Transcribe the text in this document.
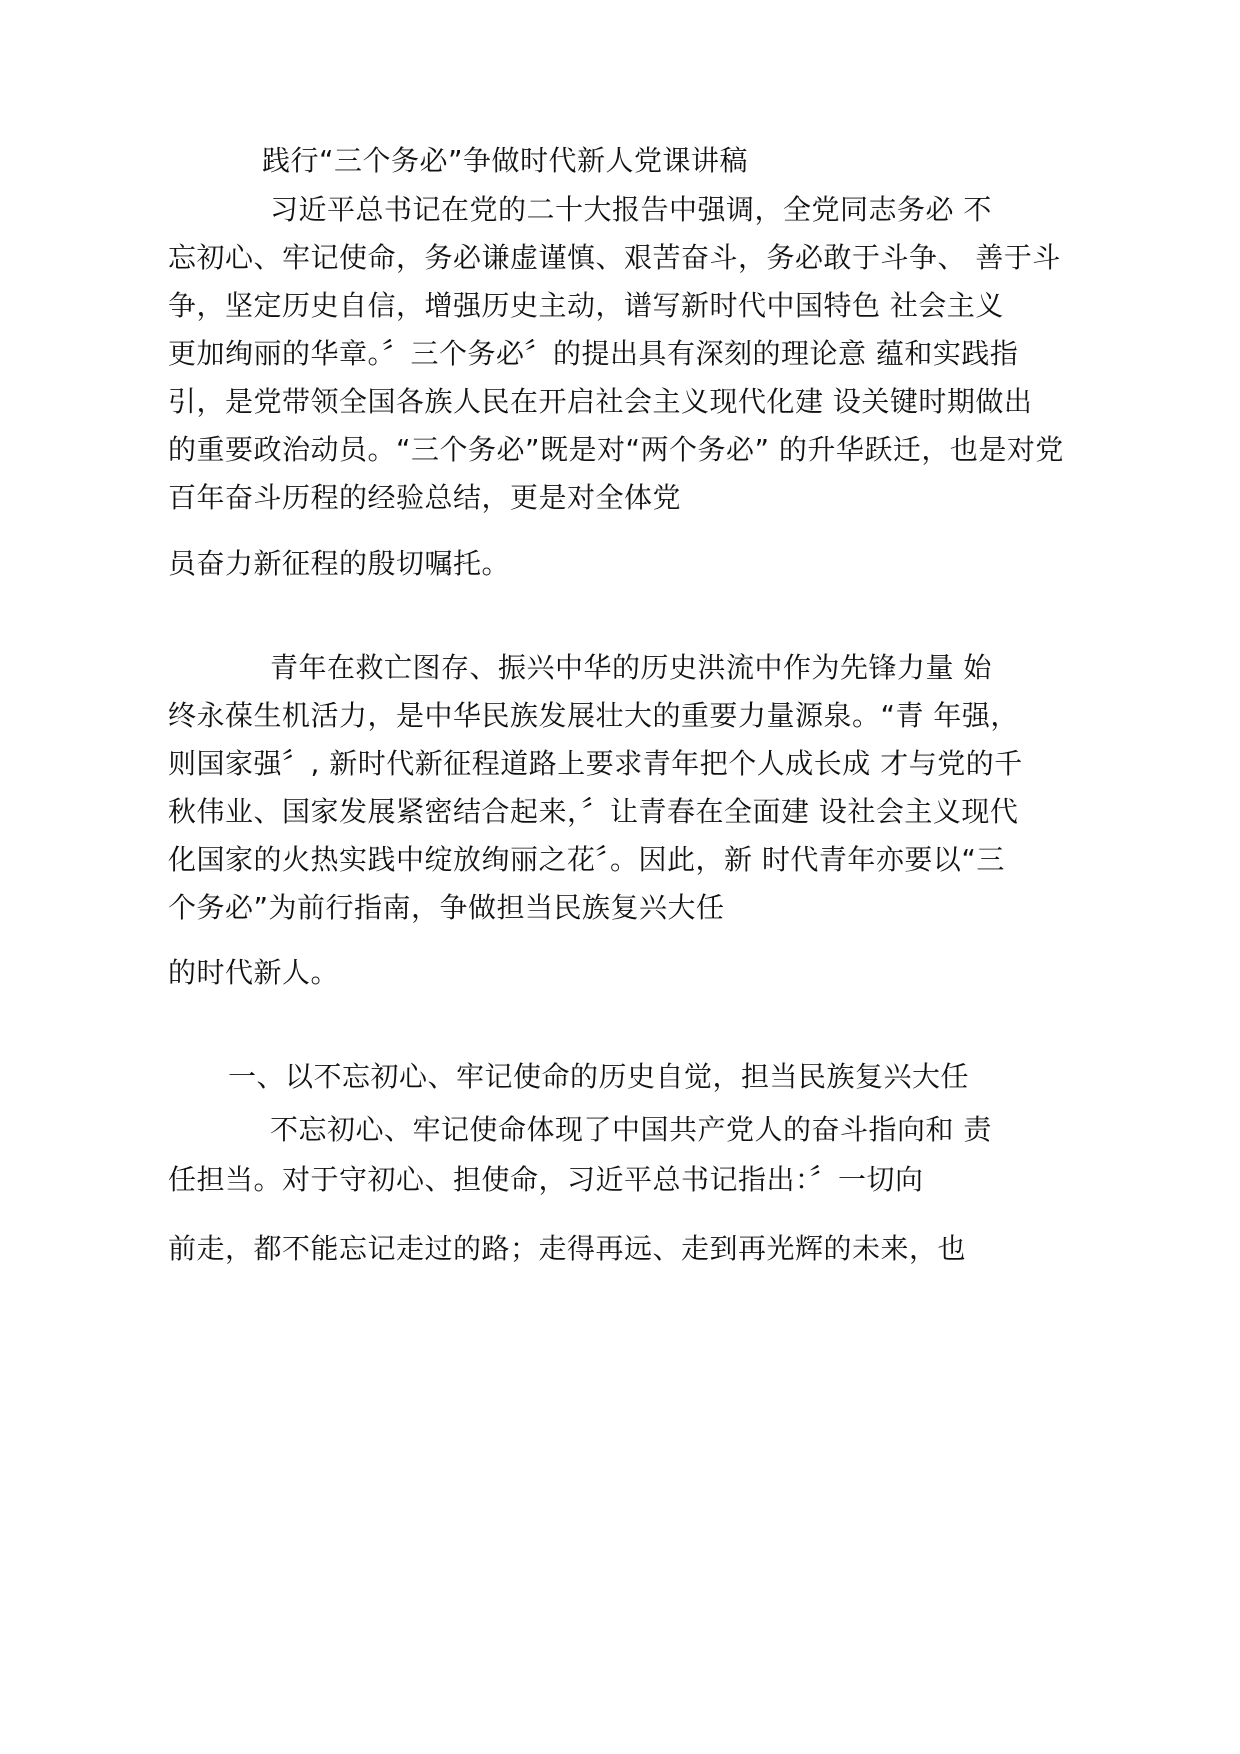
践行“三个务必”争做时代新人党课讲稿
习近平总书记在党的二十大报告中强调，全党同志务必 不
忘初心、牢记使命，务必谦虚谨慎、艰苦奋斗，务必敢于斗争、 善于斗
争，坚定历史自信，增强历史主动，谱写新时代中国特色 社会主义
更加绚丽的华章。〞三个务必〞的提出具有深刻的理论意 蕴和实践指
引，是党带领全国各族人民在开启社会主义现代化建 设关键时期做出
的重要政治动员。“三个务必”既是对“两个务必” 的升华跃迁，也是对党
百年奋斗历程的经验总结，更是对全体党
员奋力新征程的殷切嘱托。
青年在救亡图存、振兴中华的历史洪流中作为先锋力量 始
终永葆生机活力，是中华民族发展壮大的重要力量源泉。“青 年强，
则国家强〞, 新时代新征程道路上要求青年把个人成长成 才与党的千
秋伟业、国家发展紧密结合起来，〞让青春在全面建 设社会主义现代
化国家的火热实践中绽放绚丽之花〞。因此，新 时代青年亦要以“三
个务必”为前行指南，争做担当民族复兴大任
的时代新人。
一、以不忘初心、牢记使命的历史自觉，担当民族复兴大任
不忘初心、牢记使命体现了中国共产党人的奋斗指向和 责
任担当。对于守初心、担使命，习近平总书记指出：〞一切向
前走，都不能忘记走过的路；走得再远、走到再光辉的未来，也
